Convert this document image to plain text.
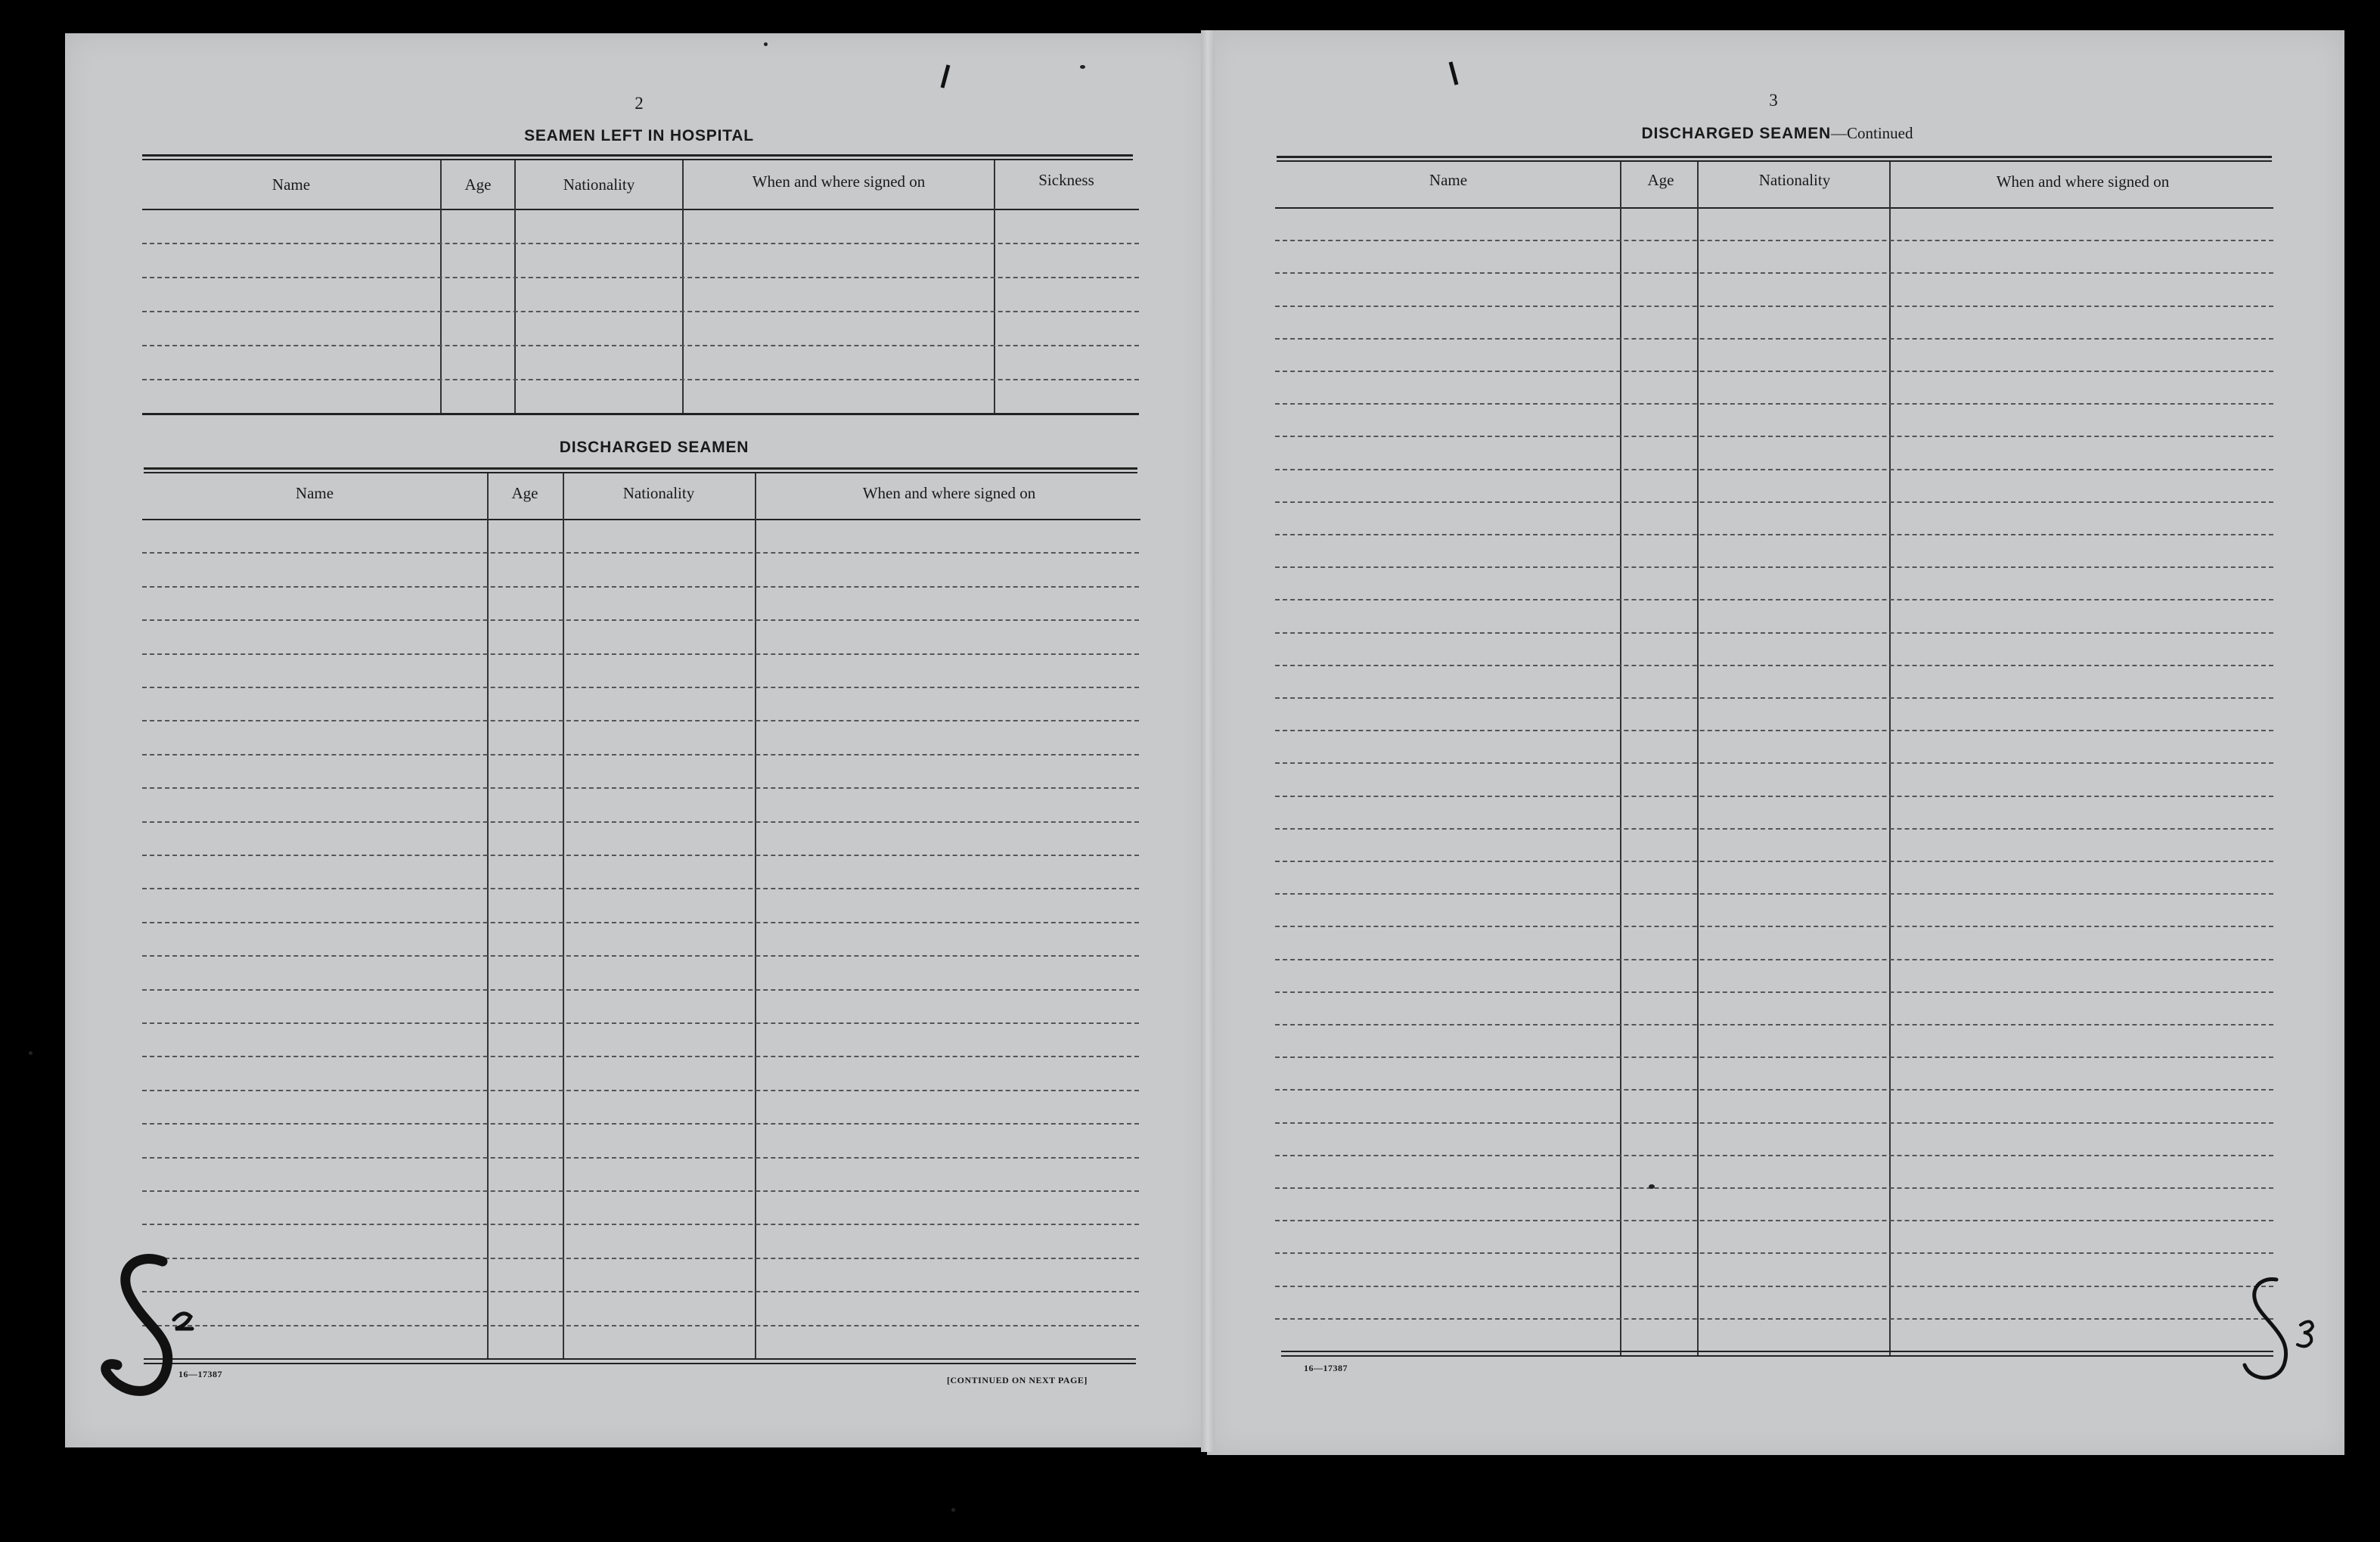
2
SEAMEN LEFT IN HOSPITAL
Name	Age	Nationality	When and where signed on	Sickness
DISCHARGED SEAMEN
Name	Age	Nationality	When and where signed on
16—17387
[CONTINUED ON NEXT PAGE]
3
DISCHARGED SEAMEN—Continued
Name	Age	Nationality	When and where signed on
16—17387
